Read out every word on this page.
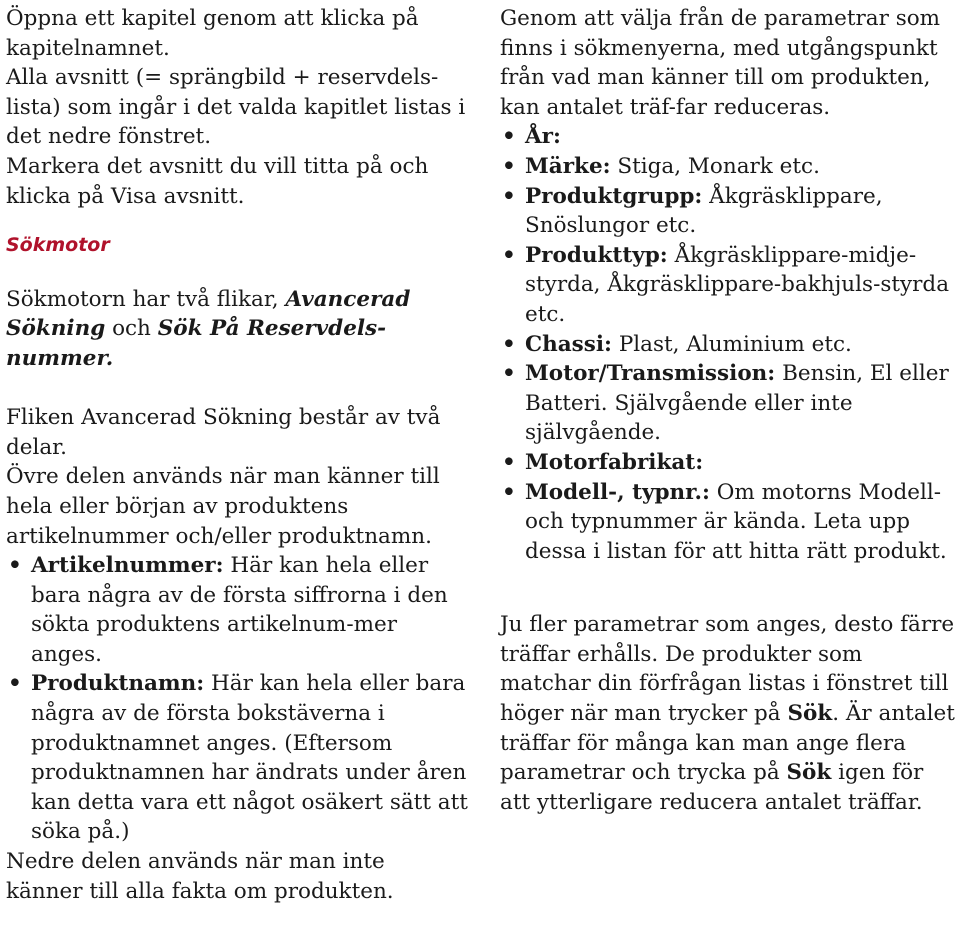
Öppna ett kapitel genom att klicka på kapitelnamnet.

Alla avsnitt (= sprängbild + reservdels-lista) som ingår i det valda kapitlet listas i det nedre fönstret.

Markera det avsnitt du vill titta på och klicka på Visa avsnitt.

Sökmotor

Sökmotorn har två flikar, Avancerad Sökning och Sök På Reservdels-nummer.

Fliken Avancerad Sökning består av två delar.

Övre delen används när man känner till hela eller början av produktens artikelnummer och/eller produktnamn.

• Artikelnummer: Här kan hela eller bara några av de första siffrorna i den sökta produktens artikelnum-mer anges.
• Produktnamn: Här kan hela eller bara några av de första bokstäverna i produktnamnet anges. (Eftersom produktnamnen har ändrats under åren kan detta vara ett något osäkert sätt att söka på.)

Nedre delen används när man inte känner till alla fakta om produkten.

Genom att välja från de parametrar som finns i sökmenyerna, med utgångspunkt från vad man känner till om produkten, kan antalet träf-far reduceras.

• År:
• Märke: Stiga, Monark etc.
• Produktgrupp: Åkgräsklippare, Snöslungor etc.
• Produkttyp: Åkgräsklippare-midje-styrda, Åkgräsklippare-bakhjuls-styrda etc.
• Chassi: Plast, Aluminium etc.
• Motor/Transmission: Bensin, El eller Batteri. Självgående eller inte självgående.
• Motorfabrikat:
• Modell-, typnr.: Om motorns Modell-och typnummer är kända. Leta upp dessa i listan för att hitta rätt produkt.

Ju fler parametrar som anges, desto färre träffar erhålls. De produkter som matchar din förfrågan listas i fönstret till höger när man trycker på Sök. Är antalet träffar för många kan man ange flera parametrar och trycka på Sök igen för att ytterligare reducera antalet träffar.
